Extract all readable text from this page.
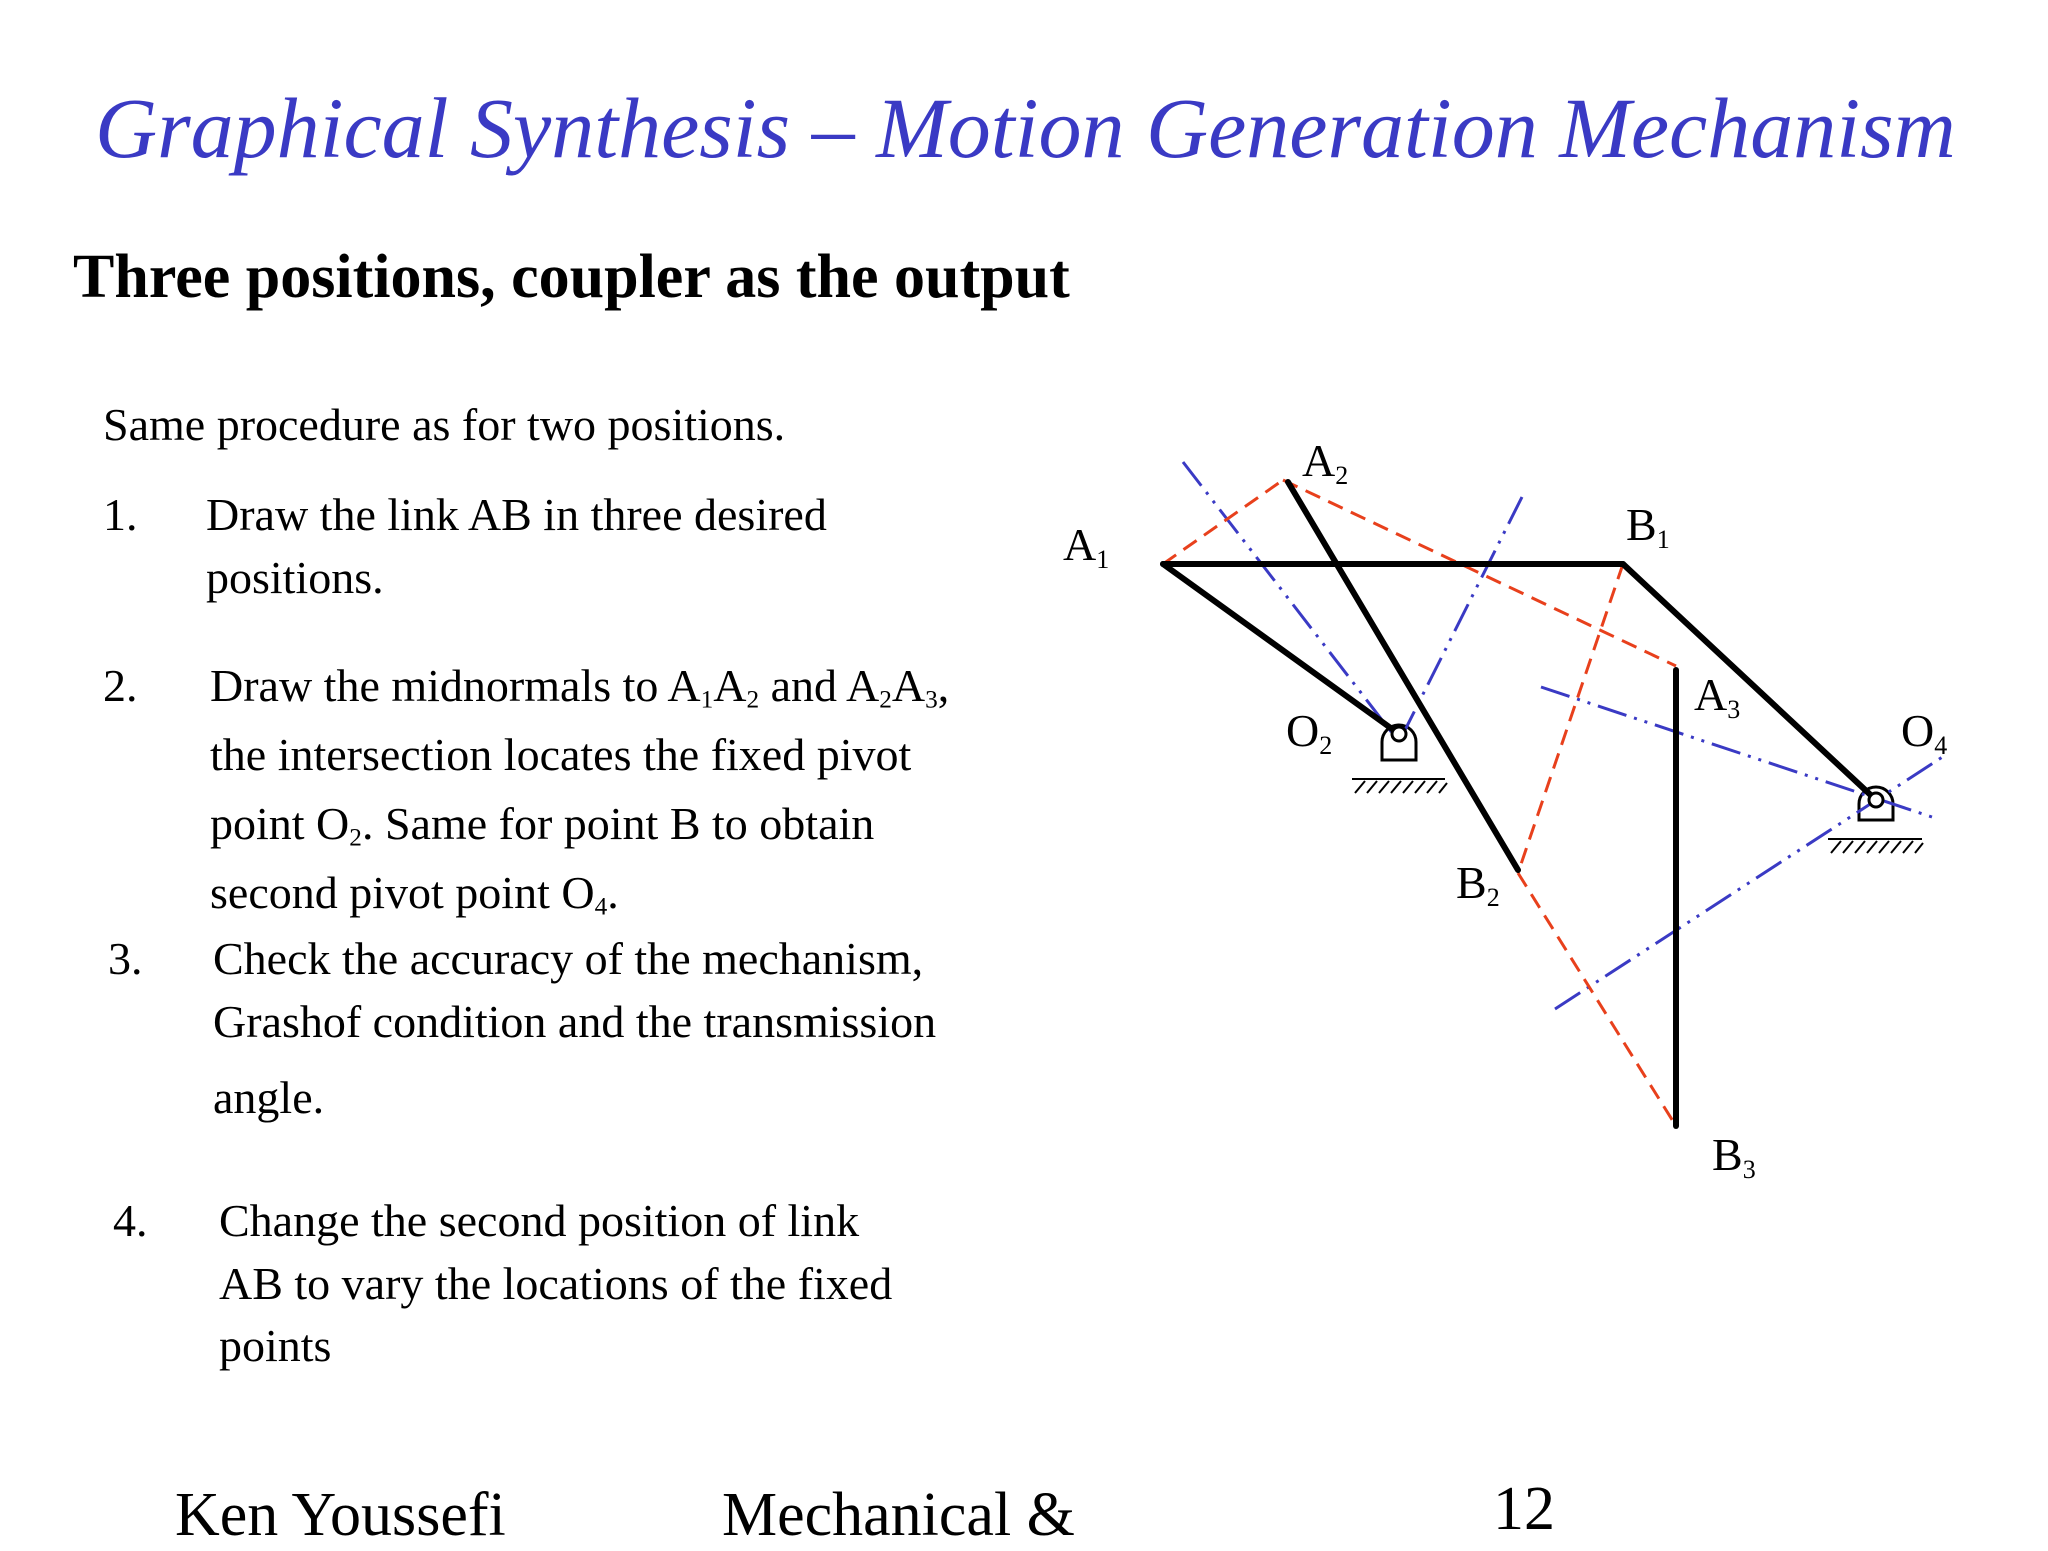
Graphical Synthesis – Motion Generation Mechanism
Three positions, coupler as the output
Same procedure as for two positions.
1. Draw the link AB in three desired
positions.
2. Draw the midnormals to $A_1A_2$ and $A_2A_3$,
the intersection locates the fixed pivot
point $O_2$. Same for point B to obtain
second pivot point $O_4$.
3. Check the accuracy of the mechanism,
Grashof condition and the transmission
angle.
4. Change the second position of link
AB to vary the locations of the fixed
points
Ken Youssefi	Mechanical &	12
A1
A2
A3
B1
B2
B3
O2	O4
